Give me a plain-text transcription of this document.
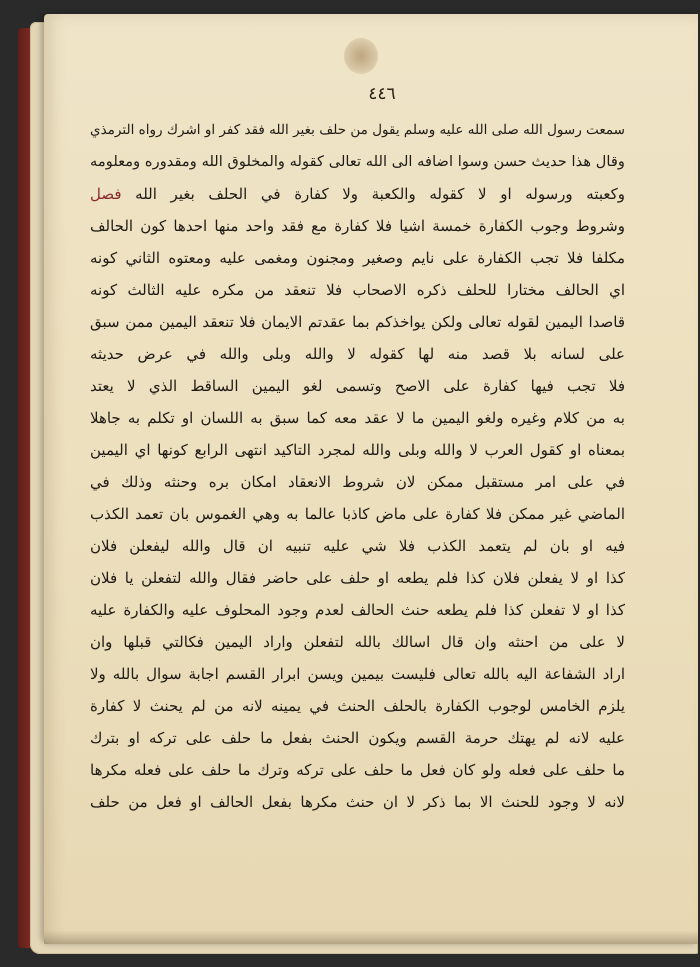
٤٤٦
سمعت رسول الله صلى الله عليه وسلم يقول من حلف بغير الله فقد كفر او اشرك رواه الترمذي
وقال هذا حديث حسن وسوا اضافه الى الله تعالى كقوله والمخلوق الله ومقدوره ومعلومه
وكعبته ورسوله او لا كقوله والكعبة ولا كفارة في الحلف بغير الله فصل
وشروط وجوب الكفارة خمسة اشيا فلا كفارة مع فقد واحد منها احدها كون الحالف
مكلفا فلا تجب الكفارة على نايم وصغير ومجنون ومغمى عليه ومعتوه الثاني كونه
اي الحالف مختارا للحلف ذكره الاصحاب فلا تنعقد من مكره عليه الثالث كونه
قاصدا اليمين لقوله تعالى ولكن يواخذكم بما عقدتم الايمان فلا تنعقد اليمين ممن سبق
على لسانه بلا قصد منه لها كقوله لا والله وبلى والله في عرض حديثه
فلا تجب فيها كفارة على الاصح وتسمى لغو اليمين الساقط الذي لا يعتد
به من كلام وغيره ولغو اليمين ما لا عقد معه كما سبق به اللسان او تكلم به جاهلا
بمعناه او كقول العرب لا والله وبلى والله لمجرد التاكيد انتهى الرابع كونها اي اليمين
في على امر مستقبل ممكن لان شروط الانعقاد امكان بره وحنثه وذلك في
الماضي غير ممكن فلا كفارة على ماض كاذبا عالما به وهي الغموس بان تعمد الكذب
فيه او بان لم يتعمد الكذب فلا شي عليه تنبيه ان قال والله ليفعلن فلان
كذا او لا يفعلن فلان كذا فلم يطعه او حلف على حاضر فقال والله لتفعلن يا فلان
كذا او لا تفعلن كذا فلم يطعه حنث الحالف لعدم وجود المحلوف عليه والكفارة عليه
لا على من احنثه وان قال اسالك بالله لتفعلن واراد اليمين فكالتي قبلها وان
اراد الشفاعة اليه بالله تعالى فليست بيمين ويسن ابرار القسم اجابة سوال بالله ولا
يلزم الخامس لوجوب الكفارة بالحلف الحنث في يمينه لانه من لم يحنث لا كفارة
عليه لانه لم يهتك حرمة القسم ويكون الحنث بفعل ما حلف على تركه او بترك
ما حلف على فعله ولو كان فعل ما حلف على تركه وترك ما حلف على فعله مكرها
لانه لا وجود للحنث الا بما ذكر لا ان حنث مكرها بفعل الحالف او فعل من حلف
